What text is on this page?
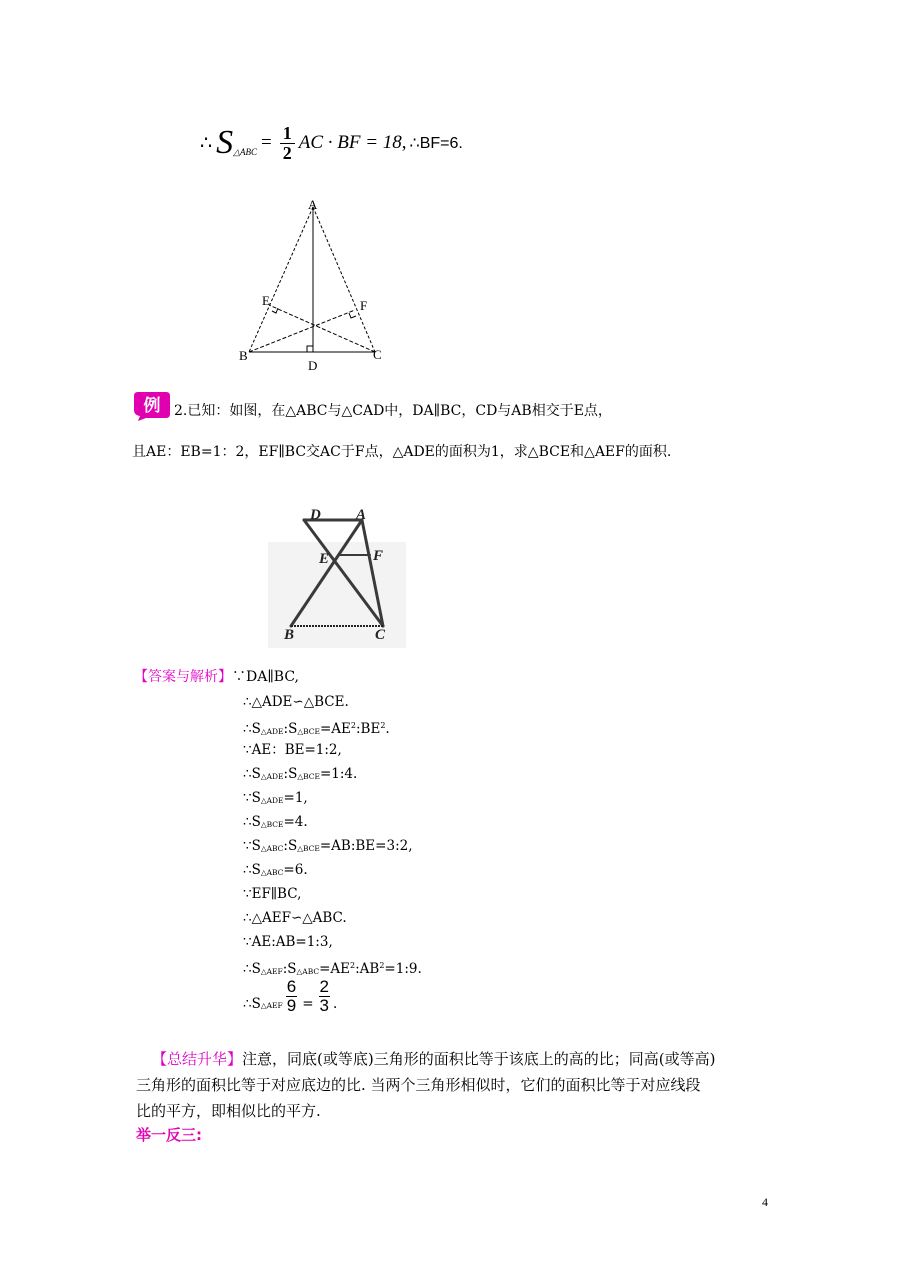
∴ S △ABC = $\frac{1}{2}$ AC · BF = 18 , ∴BF=6.
A
B	C
D
E	F
例 2.已知：如图，在△ABC与△CAD中，DA∥BC，CD与AB相交于E点，
且AE：EB=1：2，EF∥BC交AC于F点，△ADE的面积为1，求△BCE和△AEF的面积.
D A
E	F
B	C
【答案与解析】∵DA∥BC,
∴△ADE∽△BCE.
$\therefore S_{\triangle ADE}:S_{\triangle BCE}=AE^2:BE^2$.
∵AE：BE=1:2,
$\therefore S_{\triangle ADE}:S_{\triangle BCE}=1:4$.
$\because S_{\triangle ADE}=1$,
$\therefore S_{\triangle BCE}=4$.
$\because S_{\triangle ABC}:S_{\triangle BCE}=AB:BE=3:2$,
$\therefore S_{\triangle ABC}=6$.
∵EF∥BC,
∴△AEF∽△ABC.
∵AE:AB=1:3,
$\therefore S_{\triangle AEF}:S_{\triangle ABC}=AE^2:AB^2=1:9$.
∴S △AEF $\frac{6}{9} = \frac{2}{3}$ .
【总结升华】注意，同底(或等底)三角形的面积比等于该底上的高的比；同高(或等高)
三角形的面积比等于对应底边的比. 当两个三角形相似时，它们的面积比等于对应线段
比的平方，即相似比的平方.
举一反三:
4
